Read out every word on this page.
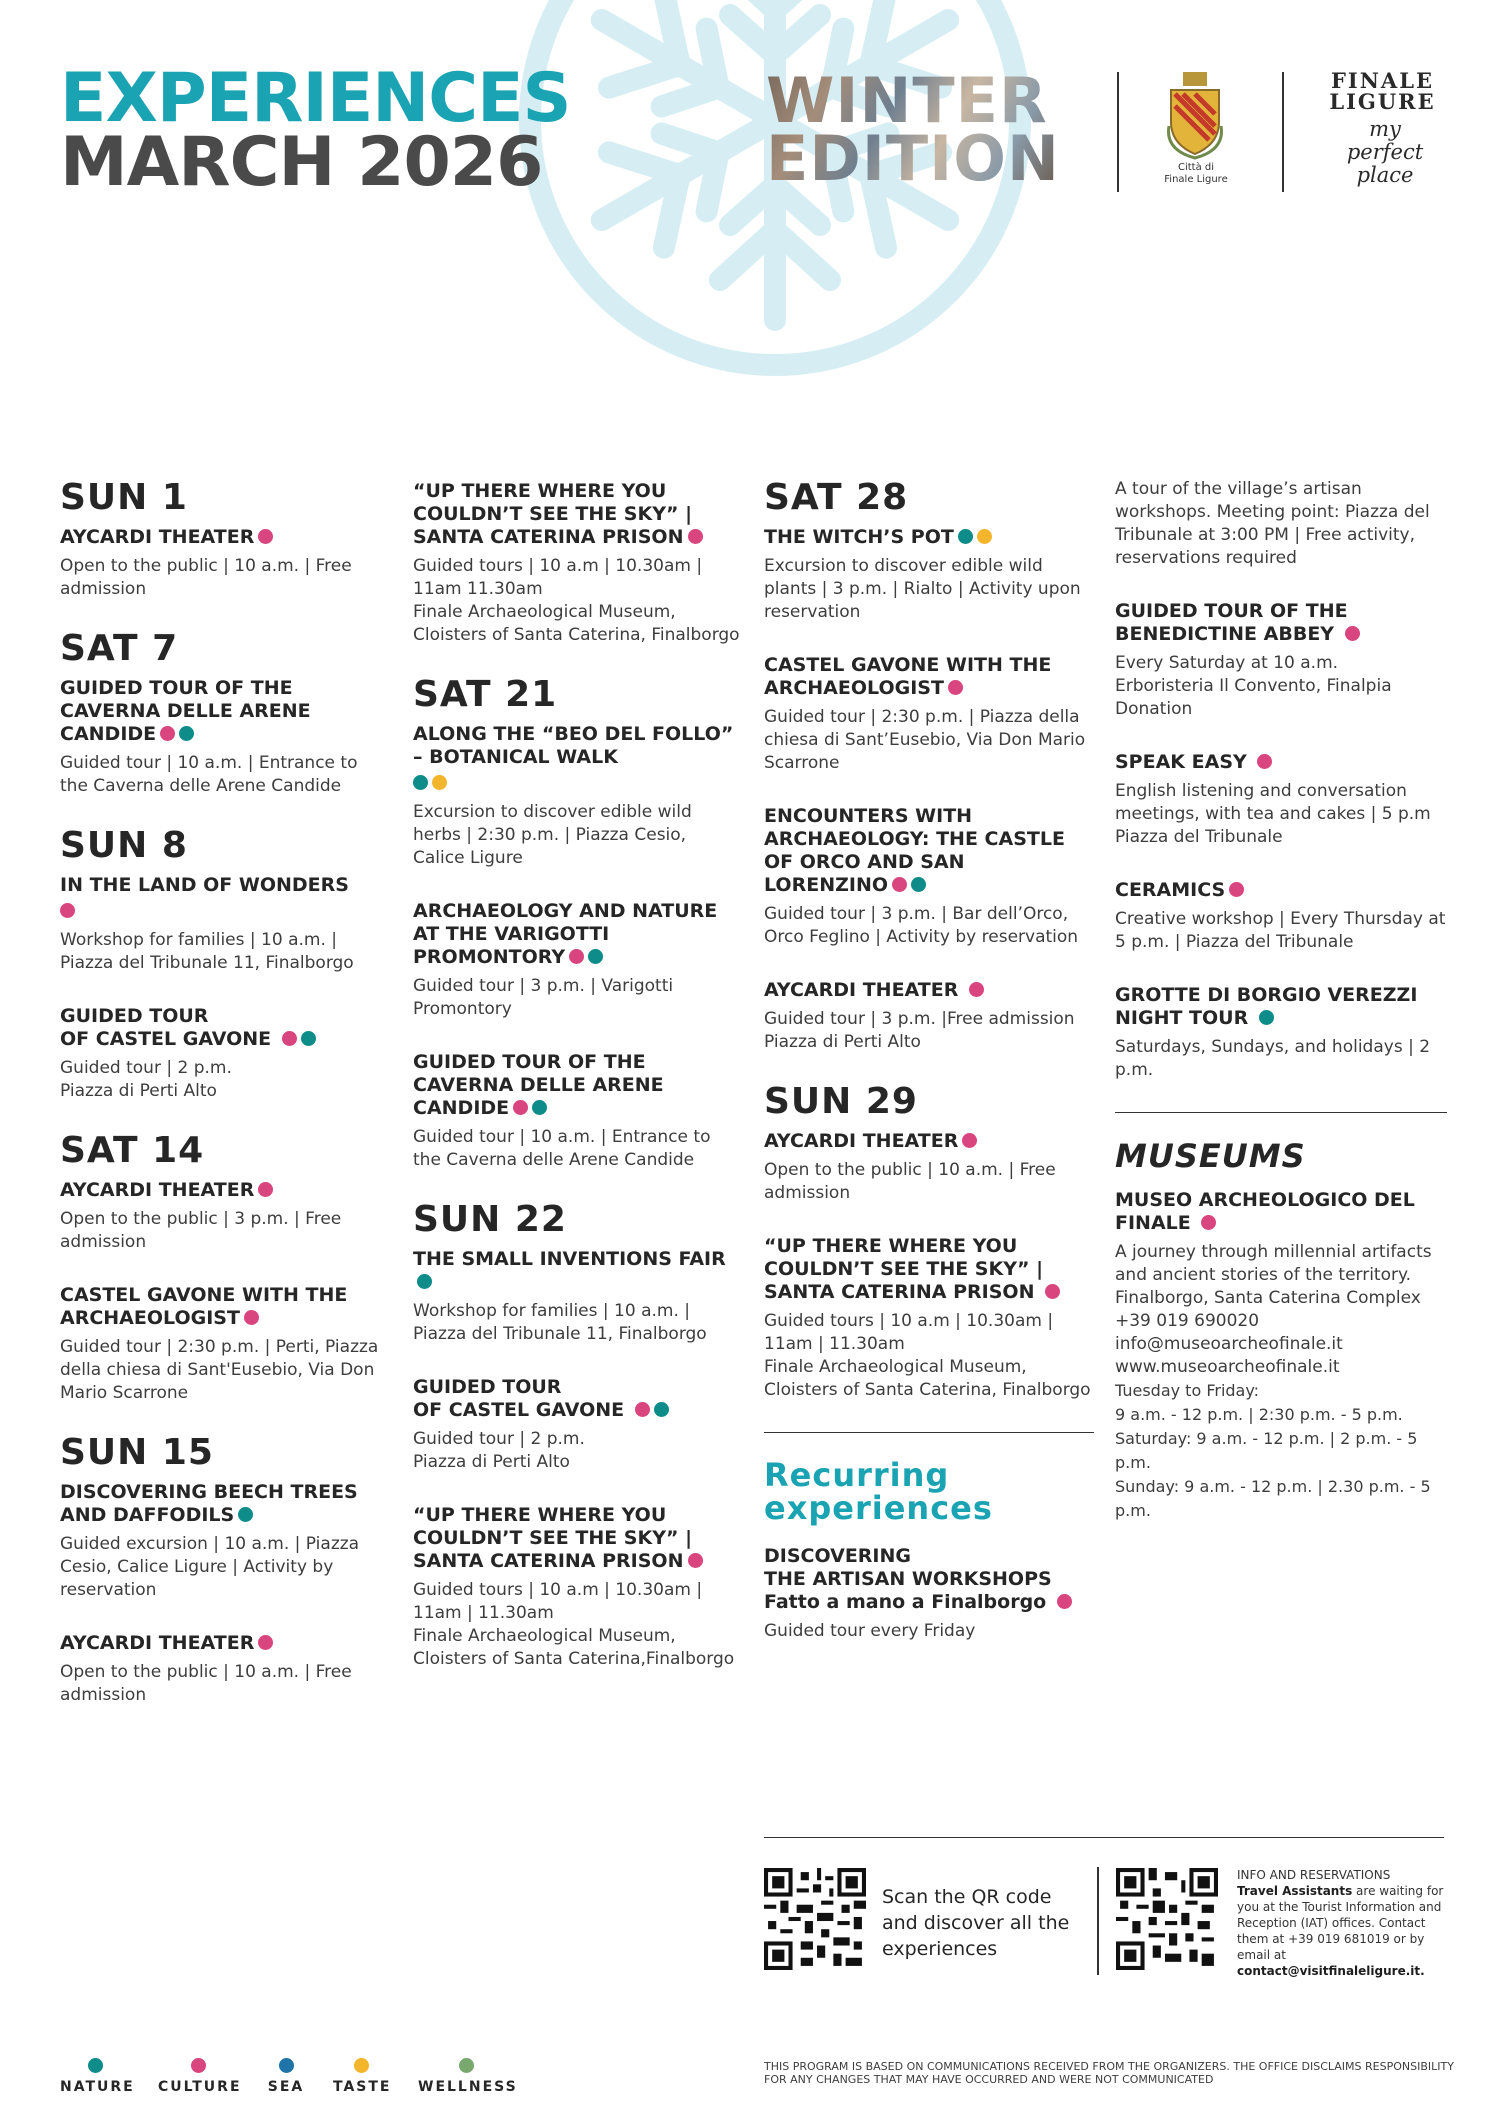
EXPERIENCES
MARCH 2026
WINTER
EDITION	Città di
Finale Ligure
FINALE
LIGURE
my
perfect
place
SUN 1

AYCARDI THEATER

Open to the public | 10 a.m. | Free admission

SAT 7

GUIDED TOUR OF THE CAVERNA DELLE ARENE CANDIDE

Guided tour | 10 a.m. | Entrance to the Caverna delle Arene Candide

SUN 8

IN THE LAND OF WONDERS

Workshop for families | 10 a.m. | Piazza del Tribunale 11, Finalborgo

GUIDED TOUR
OF CASTEL GAVONE

Guided tour | 2 p.m.
Piazza di Perti Alto

SAT 14

AYCARDI THEATER

Open to the public | 3 p.m. | Free admission

CASTEL GAVONE WITH THE ARCHAEOLOGIST

Guided tour | 2:30 p.m. | Perti, Piazza della chiesa di Sant'Eusebio, Via Don Mario Scarrone

SUN 15

DISCOVERING BEECH TREES AND DAFFODILS

Guided excursion | 10 a.m. | Piazza Cesio, Calice Ligure | Activity by reservation

AYCARDI THEATER

Open to the public | 10 a.m. | Free admission

“UP THERE WHERE YOU COULDN’T SEE THE SKY” | SANTA CATERINA PRISON

Guided tours | 10 a.m | 10.30am | 11am 11.30am
Finale Archaeological Museum, Cloisters of Santa Caterina, Finalborgo

SAT 21

ALONG THE “BEO DEL FOLLO” – BOTANICAL WALK

Excursion to discover edible wild herbs | 2:30 p.m. | Piazza Cesio, Calice Ligure

ARCHAEOLOGY AND NATURE AT THE VARIGOTTI PROMONTORY

Guided tour | 3 p.m. | Varigotti Promontory

GUIDED TOUR OF THE CAVERNA DELLE ARENE CANDIDE

Guided tour | 10 a.m. | Entrance to the Caverna delle Arene Candide

SUN 22

THE SMALL INVENTIONS FAIR

Workshop for families | 10 a.m. | Piazza del Tribunale 11, Finalborgo

GUIDED TOUR
OF CASTEL GAVONE

Guided tour | 2 p.m.
Piazza di Perti Alto

“UP THERE WHERE YOU COULDN’T SEE THE SKY” | SANTA CATERINA PRISON

Guided tours | 10 a.m | 10.30am | 11am | 11.30am
Finale Archaeological Museum, Cloisters of Santa Caterina,Finalborgo

SAT 28

THE WITCH’S POT

Excursion to discover edible wild plants | 3 p.m. | Rialto | Activity upon reservation

CASTEL GAVONE WITH THE ARCHAEOLOGIST

Guided tour | 2:30 p.m. | Piazza della chiesa di Sant’Eusebio, Via Don Mario Scarrone

ENCOUNTERS WITH ARCHAEOLOGY: THE CASTLE OF ORCO AND SAN LORENZINO

Guided tour | 3 p.m. | Bar dell’Orco, Orco Feglino | Activity by reservation

AYCARDI THEATER

Guided tour | 3 p.m. |Free admission
Piazza di Perti Alto

SUN 29

AYCARDI THEATER

Open to the public | 10 a.m. | Free admission

“UP THERE WHERE YOU COULDN’T SEE THE SKY” | SANTA CATERINA PRISON

Guided tours | 10 a.m | 10.30am | 11am | 11.30am
Finale Archaeological Museum, Cloisters of Santa Caterina, Finalborgo

Recurring
experiences

DISCOVERING
THE ARTISAN WORKSHOPS
Fatto a mano a Finalborgo

Guided tour every Friday

A tour of the village’s artisan workshops. Meeting point: Piazza del Tribunale at 3:00 PM | Free activity, reservations required

GUIDED TOUR OF THE BENEDICTINE ABBEY

Every Saturday at 10 a.m.
Erboristeria Il Convento, Finalpia
Donation

SPEAK EASY

English listening and conversation meetings, with tea and cakes | 5 p.m Piazza del Tribunale

CERAMICS

Creative workshop | Every Thursday at 5 p.m. | Piazza del Tribunale

GROTTE DI BORGIO VEREZZI NIGHT TOUR

Saturdays, Sundays, and holidays | 2 p.m.

MUSEUMS

MUSEO ARCHEOLOGICO DEL FINALE

A journey through millennial artifacts and ancient stories of the territory.
Finalborgo, Santa Caterina Complex
+39 019 690020
info@museoarcheofinale.it
www.museoarcheofinale.it
Tuesday to Friday:
9 a.m. - 12 p.m. | 2:30 p.m. - 5 p.m.
Saturday: 9 a.m. - 12 p.m. | 2 p.m. - 5 p.m.
Sunday: 9 a.m. - 12 p.m. | 2.30 p.m. - 5 p.m.

Scan the QR code and discover all the experiences
INFO AND RESERVATIONS
Travel Assistants are waiting for you at the Tourist Information and Reception (IAT) offices. Contact them at +39 019 681019 or by email at contact@visitfinaleligure.it.
NATURE CULTURE SEA TASTE WELLNESS
THIS PROGRAM IS BASED ON COMMUNICATIONS RECEIVED FROM THE ORGANIZERS. THE OFFICE DISCLAIMS RESPONSIBILITY FOR ANY CHANGES THAT MAY HAVE OCCURRED AND WERE NOT COMMUNICATED
